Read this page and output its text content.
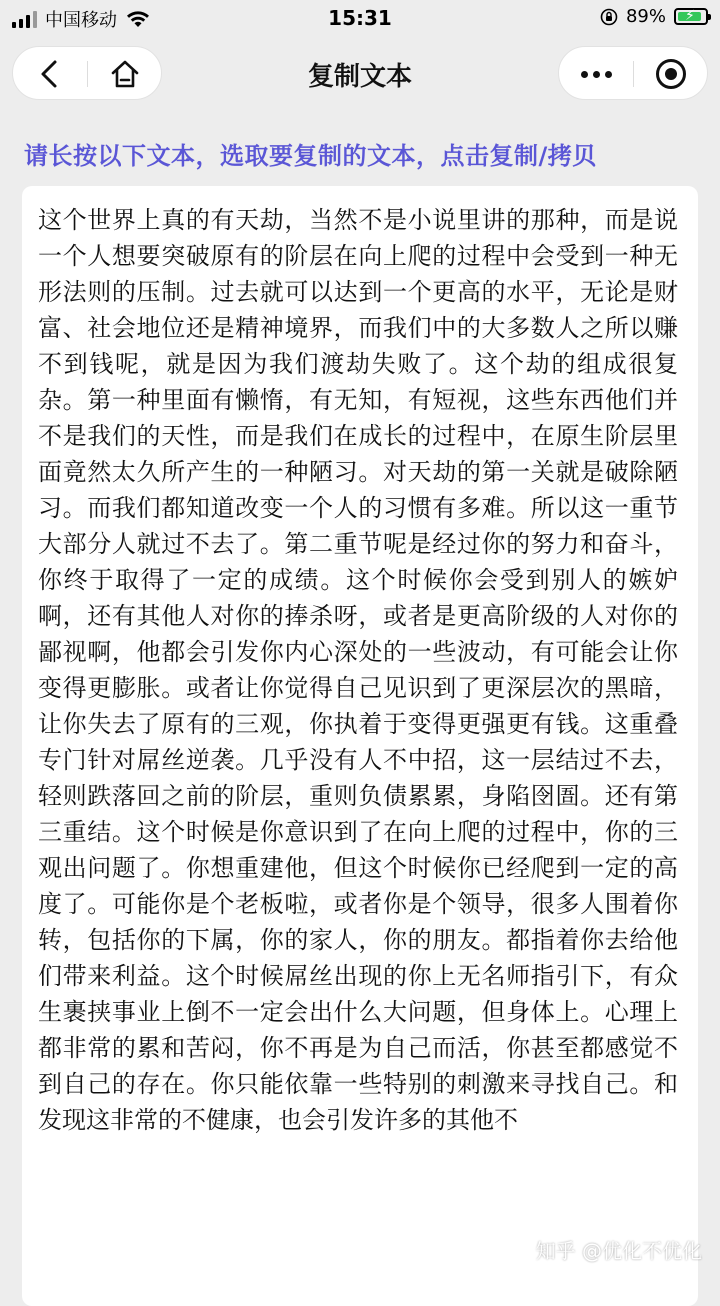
中国移动	15:31	89% ⚡
复制文本
请长按以下文本，选取要复制的文本，点击复制/拷贝
这个世界上真的有天劫，当然不是小说里讲的那种，而是说一个人想要突破原有的阶层在向上爬的过程中会受到一种无形法则的压制。过去就可以达到一个更高的水平，无论是财富、社会地位还是精神境界，而我们中的大多数人之所以赚不到钱呢，就是因为我们渡劫失败了。这个劫的组成很复杂。第一种里面有懒惰，有无知，有短视，这些东西他们并不是我们的天性，而是我们在成长的过程中，在原生阶层里面竟然太久所产生的一种陋习。对天劫的第一关就是破除陋习。而我们都知道改变一个人的习惯有多难。所以这一重节大部分人就过不去了。第二重节呢是经过你的努力和奋斗，你终于取得了一定的成绩。这个时候你会受到别人的嫉妒啊，还有其他人对你的捧杀呀，或者是更高阶级的人对你的鄙视啊，他都会引发你内心深处的一些波动，有可能会让你变得更膨胀。或者让你觉得自己见识到了更深层次的黑暗，让你失去了原有的三观，你执着于变得更强更有钱。这重叠专门针对屌丝逆袭。几乎没有人不中招，这一层结过不去，轻则跌落回之前的阶层，重则负债累累，身陷囹圄。还有第三重结。这个时候是你意识到了在向上爬的过程中，你的三观出问题了。你想重建他，但这个时候你已经爬到一定的高度了。可能你是个老板啦，或者你是个领导，很多人围着你转，包括你的下属，你的家人，你的朋友。都指着你去给他们带来利益。这个时候屌丝出现的你上无名师指引下，有众生裹挟事业上倒不一定会出什么大问题，但身体上。心理上都非常的累和苦闷，你不再是为自己而活，你甚至都感觉不到自己的存在。你只能依靠一些特别的刺激来寻找自己。和发现这非常的不健康，也会引发许多的其他不
知乎 @优化不优化
